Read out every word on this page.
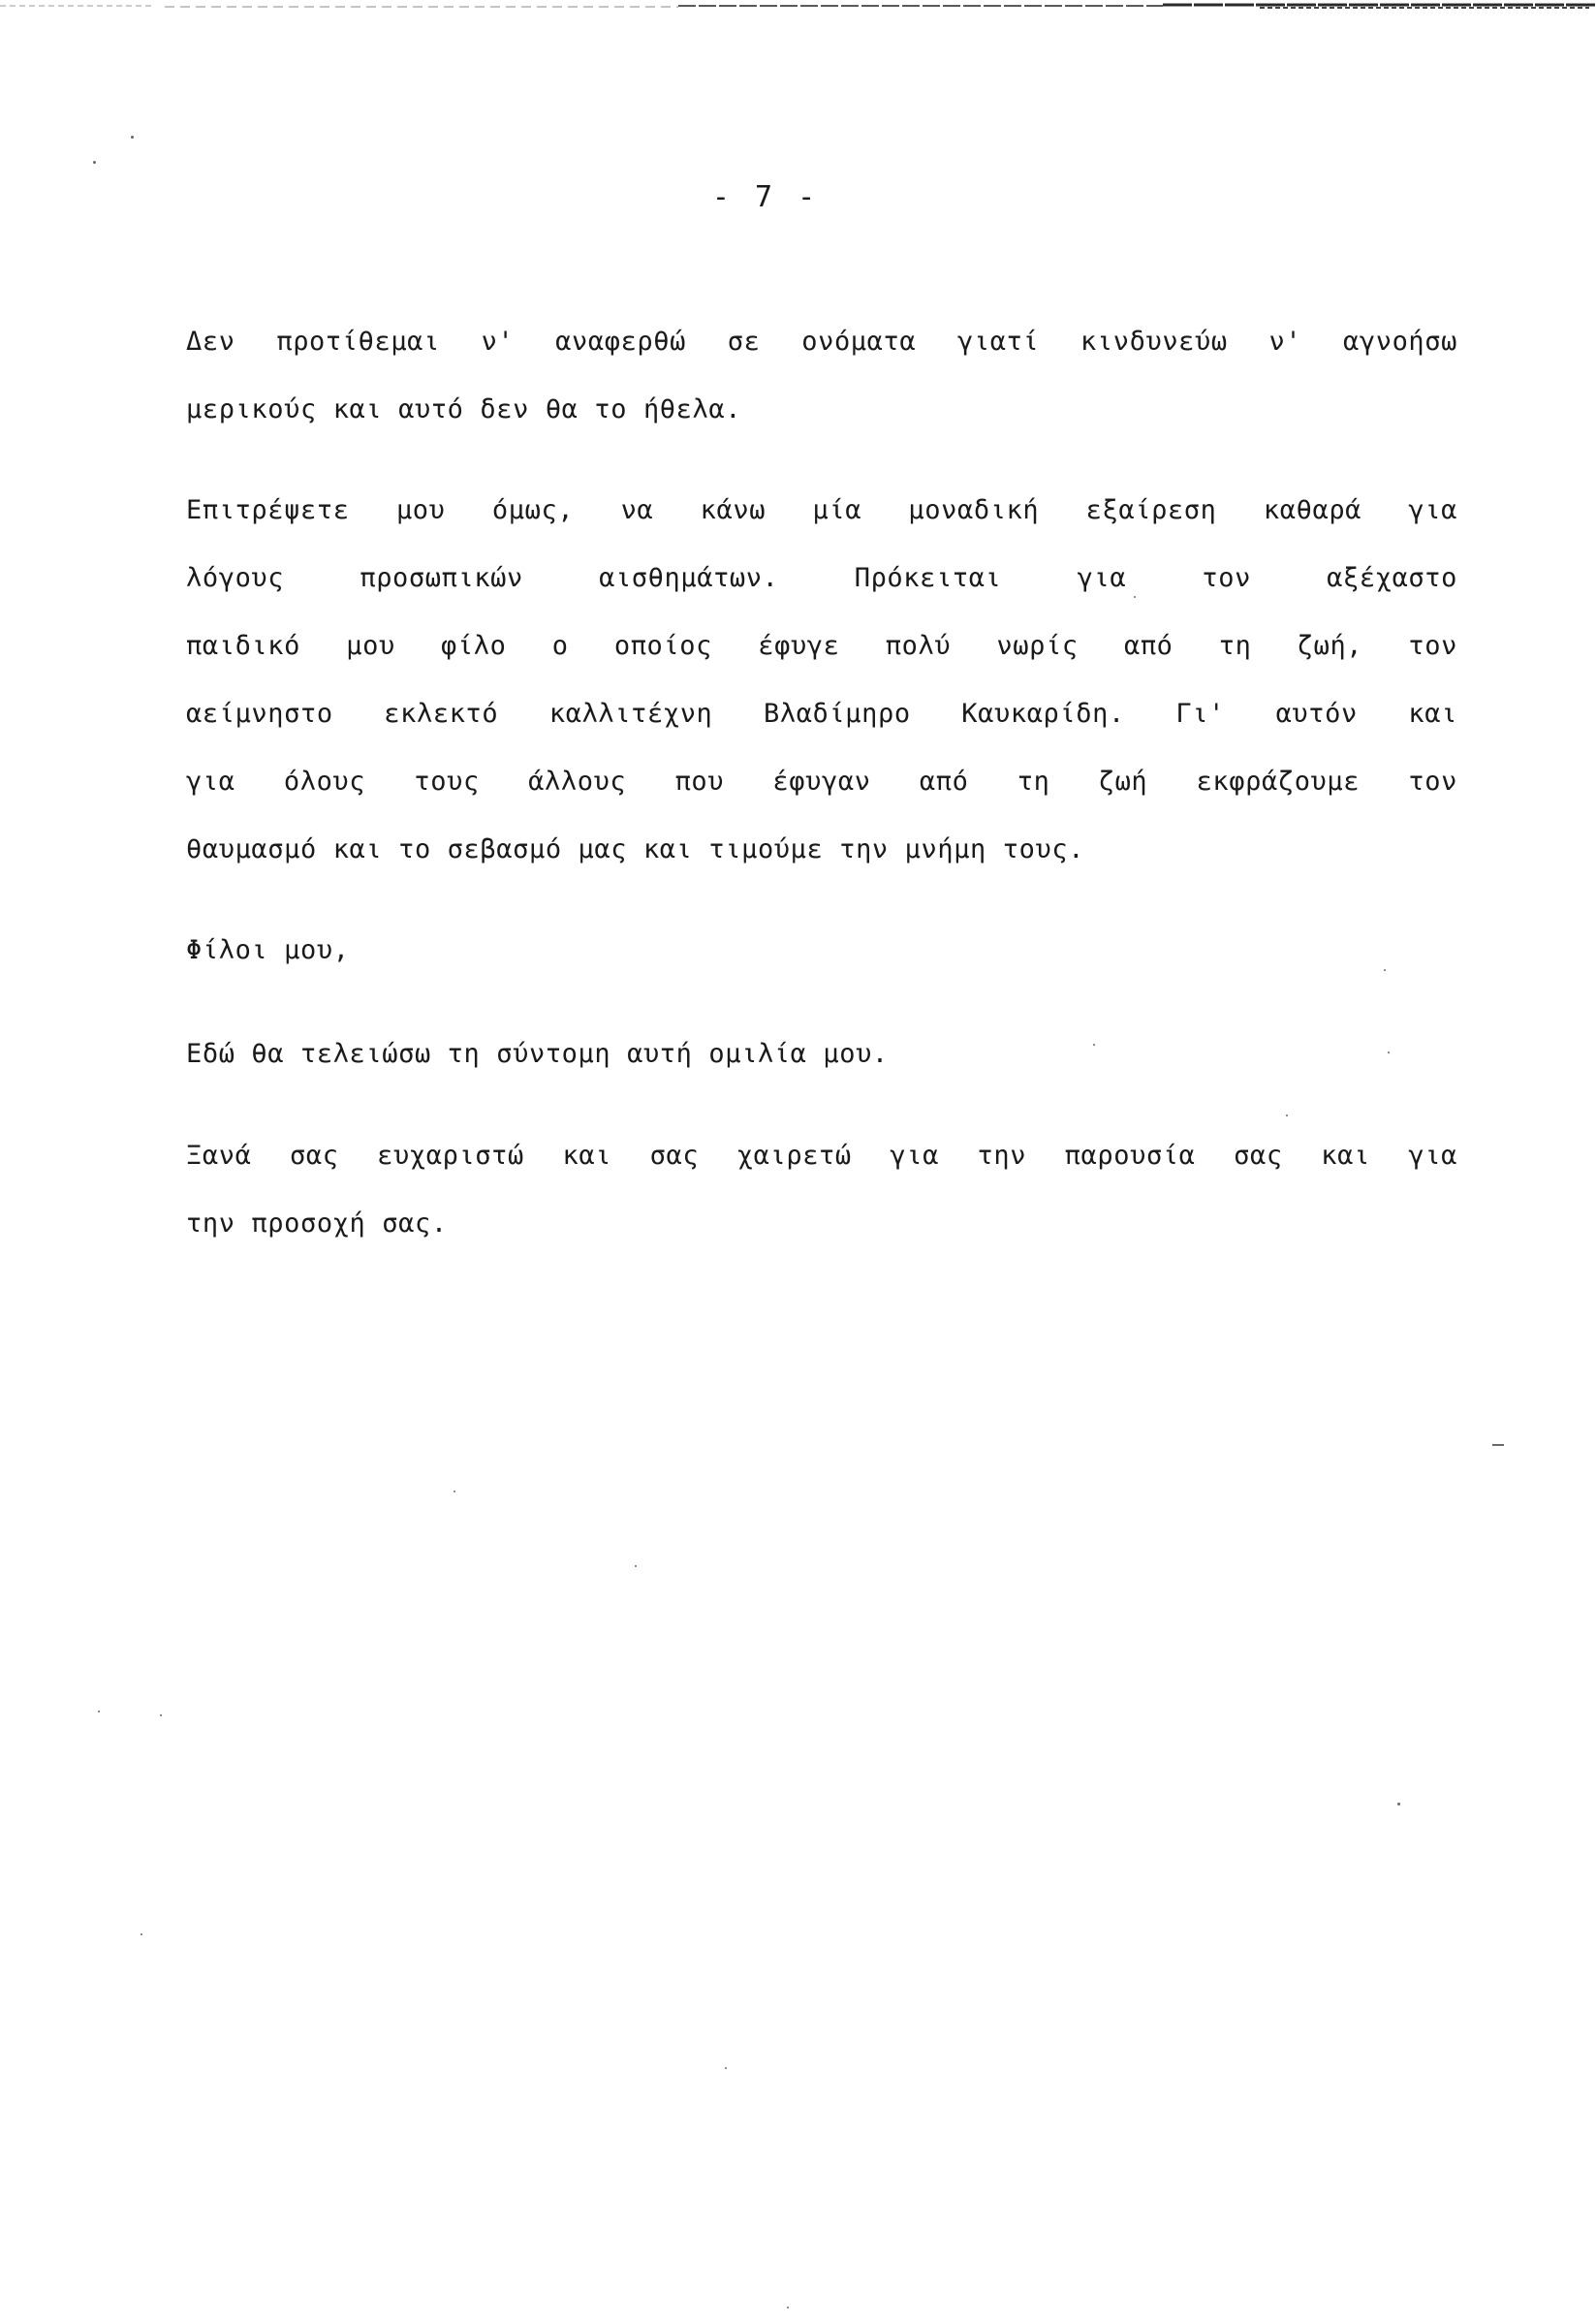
- 7 -
Δεν προτίθεμαι ν' αναφερθώ σε ονόματα γιατί κινδυνεύω ν' αγνοήσω
μερικούς και αυτό δεν θα το ήθελα.
Επιτρέψετε μου όμως, να κάνω μία μοναδική εξαίρεση καθαρά για
λόγους προσωπικών αισθημάτων. Πρόκειται για τον αξέχαστο
παιδικό μου φίλο ο οποίος έφυγε πολύ νωρίς από τη ζωή, τον
αείμνηστο εκλεκτό καλλιτέχνη Βλαδίμηρο Καυκαρίδη. Γι' αυτόν και
για όλους τους άλλους που έφυγαν από τη ζωή εκφράζουμε τον
θαυμασμό και το σεβασμό μας και τιμούμε την μνήμη τους.
Φίλοι μου,
Εδώ θα τελειώσω τη σύντομη αυτή ομιλία μου.
Ξανά σας ευχαριστώ και σας χαιρετώ για την παρουσία σας και για
την προσοχή σας.
